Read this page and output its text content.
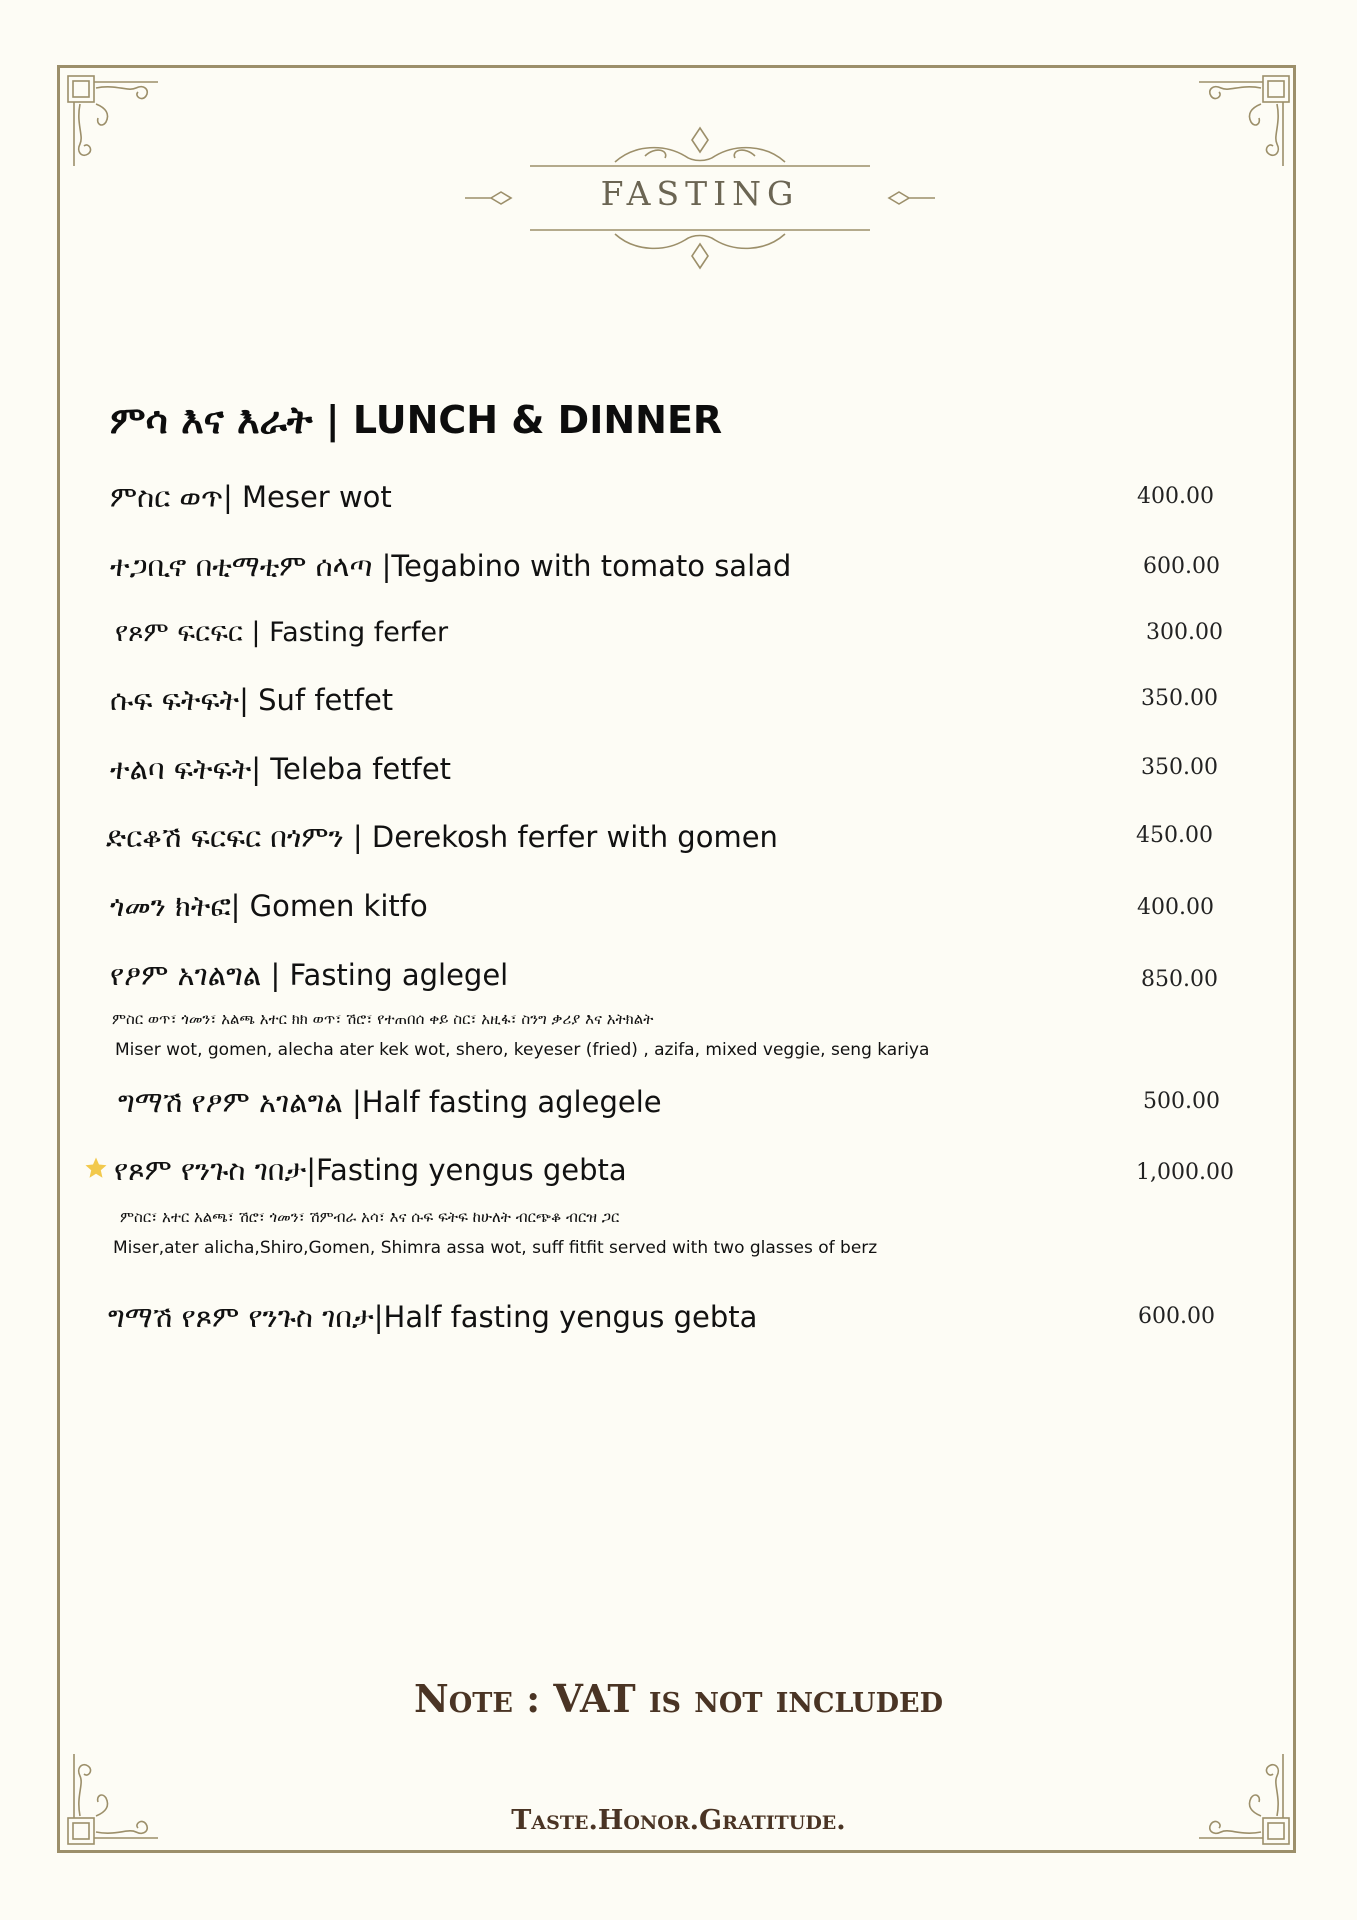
FASTING
ምሳ እና እራት | LUNCH & DINNER
ምስር ወጥ| Meser wot	400.00
ተጋቢኖ በቲማቲም ሰላጣ |Tegabino with tomato salad	600.00
የጾም ፍርፍር | Fasting ferfer	300.00
ሱፍ ፍትፍት| Suf fetfet	350.00
ተልባ ፍትፍት| Teleba fetfet	350.00
ድርቆሽ ፍርፍር በጎምን | Derekosh ferfer with gomen	450.00
ጎመን ክትፎ| Gomen kitfo	400.00
የፆም አገልግል | Fasting aglegel	850.00
ምስር ወጥ፣ ጎመን፣ አልጫ አተር ክክ ወጥ፣ ሽሮ፣ የተጠበሰ ቀይ ስር፣ አዚፋ፣ ስንግ ቃሪያ እና አትክልት
Miser wot, gomen, alecha ater kek wot, shero, keyeser (fried) , azifa, mixed veggie, seng kariya
ግማሽ የፆም አገልግል |Half fasting aglegele	500.00
የጾም የንጉስ ገበታ|Fasting yengus gebta	1,000.00
ምስር፣ አተር አልጫ፣ ሽሮ፣ ጎመን፣ ሽምብራ አሳ፣ እና ሱፍ ፍትፍ ከሁለት ብርጭቆ ብርዝ ጋር
Miser,ater alicha,Shiro,Gomen, Shimra assa wot, suff fitfit served with two glasses of berz
ግማሽ የጾም የንጉስ ገበታ|Half fasting yengus gebta	600.00
Note : VAT is not included
Taste.Honor.Gratitude.
